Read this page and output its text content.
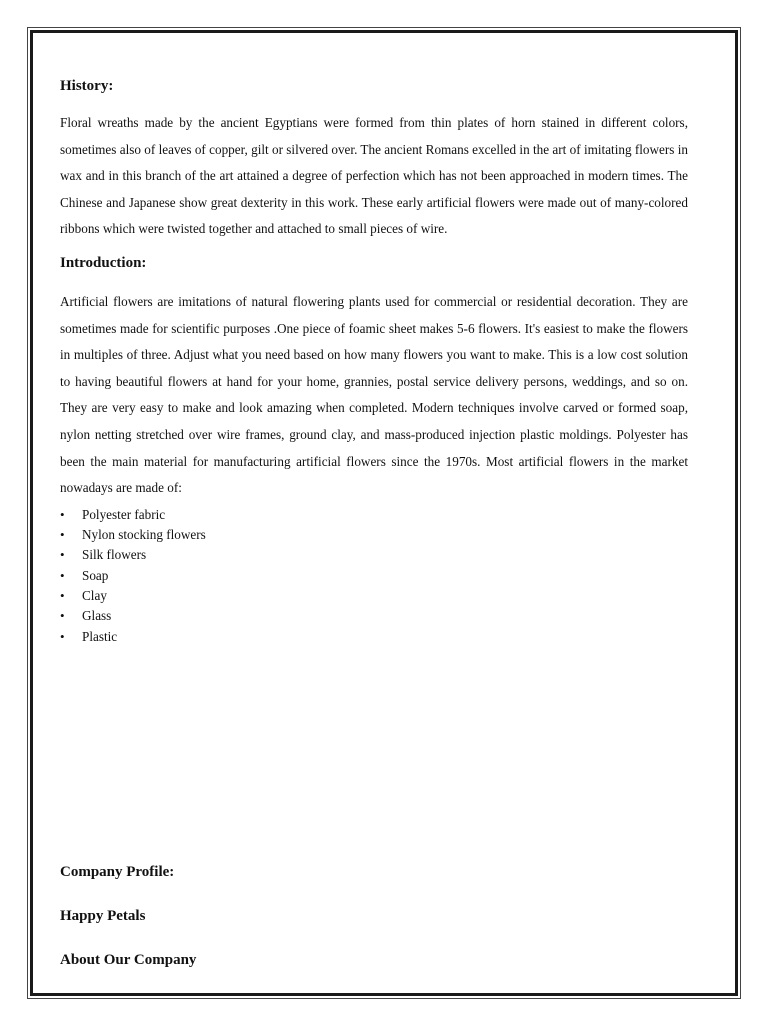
History:

Floral wreaths made by the ancient Egyptians were formed from thin plates of horn stained in different colors, sometimes also of leaves of copper, gilt or silvered over. The ancient Romans excelled in the art of imitating flowers in wax and in this branch of the art attained a degree of perfection which has not been approached in modern times. The Chinese and Japanese show great dexterity in this work. These early artificial flowers were made out of many-colored ribbons which were twisted together and attached to small pieces of wire.

Introduction:

Artificial flowers are imitations of natural flowering plants used for commercial or residential decoration. They are sometimes made for scientific purposes .One piece of foamic sheet makes 5-6 flowers. It's easiest to make the flowers in multiples of three. Adjust what you need based on how many flowers you want to make. This is a low cost solution to having beautiful flowers at hand for your home, grannies, postal service delivery persons, weddings, and so on. They are very easy to make and look amazing when completed. Modern techniques involve carved or formed soap, nylon netting stretched over wire frames, ground clay, and mass-produced injection plastic moldings. Polyester has been the main material for manufacturing artificial flowers since the 1970s. Most artificial flowers in the market nowadays are made of:

• Polyester fabric
• Nylon stocking flowers
• Silk flowers
• Soap
• Clay
• Glass
• Plastic
Company Profile:
Happy Petals
About Our Company
